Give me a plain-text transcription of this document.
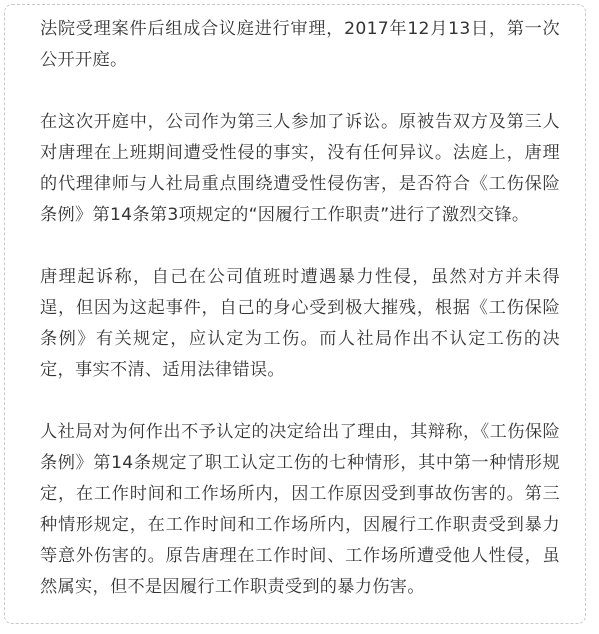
法院受理案件后组成合议庭进行审理，2017年12月13日，第一次公开开庭。

在这次开庭中，公司作为第三人参加了诉讼。原被告双方及第三人对唐理在上班期间遭受性侵的事实，没有任何异议。法庭上，唐理的代理律师与人社局重点围绕遭受性侵伤害，是否符合《工伤保险条例》第14条第3项规定的“因履行工作职责”进行了激烈交锋。

唐理起诉称，自己在公司值班时遭遇暴力性侵，虽然对方并未得逞，但因为这起事件，自己的身心受到极大摧残，根据《工伤保险条例》有关规定，应认定为工伤。而人社局作出不认定工伤的决定，事实不清、适用法律错误。

人社局对为何作出不予认定的决定给出了理由，其辩称，《工伤保险条例》第14条规定了职工认定工伤的七种情形，其中第一种情形规定，在工作时间和工作场所内，因工作原因受到事故伤害的。第三种情形规定，在工作时间和工作场所内，因履行工作职责受到暴力等意外伤害的。原告唐理在工作时间、工作场所遭受他人性侵，虽然属实，但不是因履行工作职责受到的暴力伤害。
